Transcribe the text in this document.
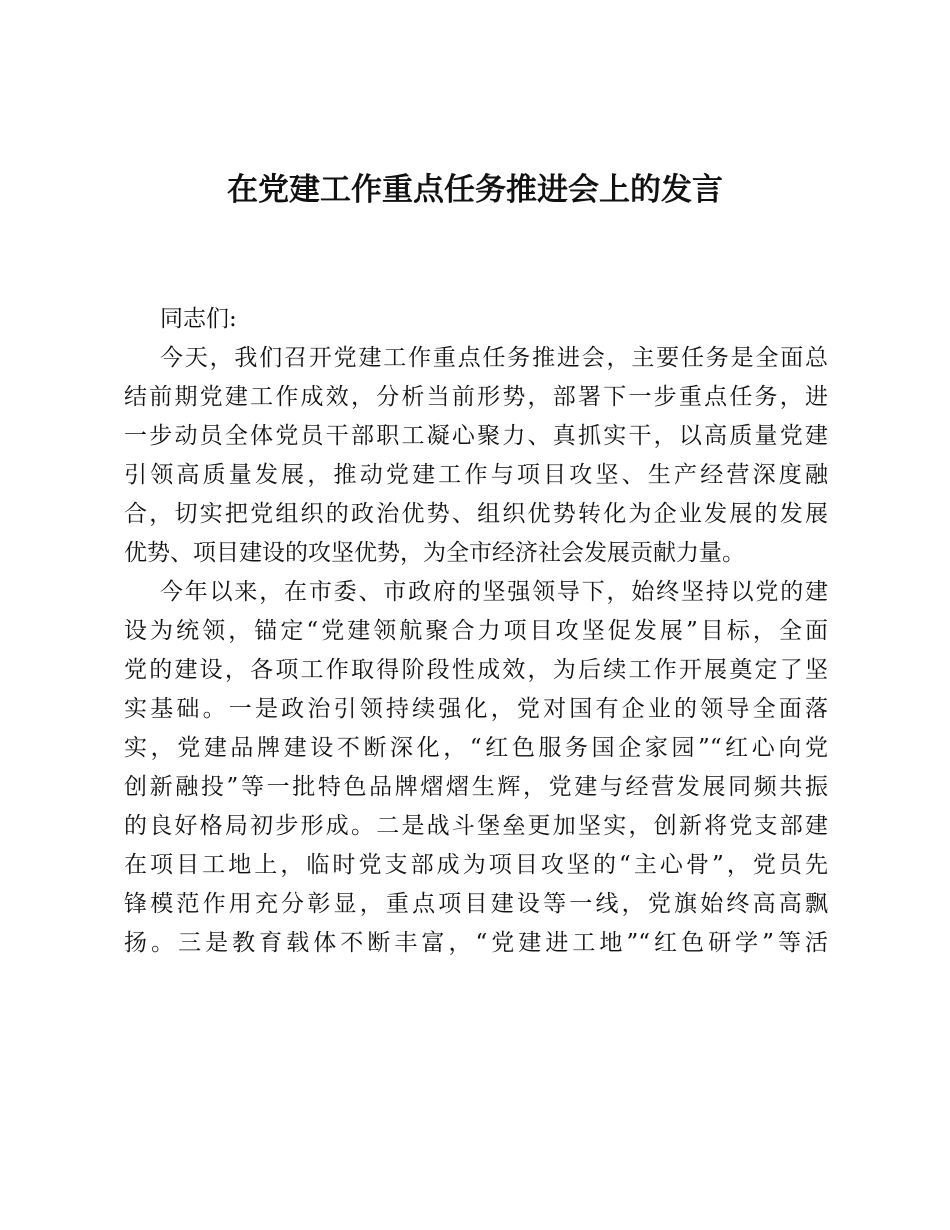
在党建工作重点任务推进会上的发言
同志们:
今天，我们召开党建工作重点任务推进会，主要任务是全面总
结前期党建工作成效，分析当前形势，部署下一步重点任务，进
一步动员全体党员干部职工凝心聚力、真抓实干，以高质量党建
引领高质量发展，推动党建工作与项目攻坚、生产经营深度融
合，切实把党组织的政治优势、组织优势转化为企业发展的发展
优势、项目建设的攻坚优势，为全市经济社会发展贡献力量。
今年以来，在市委、市政府的坚强领导下，始终坚持以党的建
设为统领，锚定“党建领航聚合力项目攻坚促发展”目标，全面
党的建设，各项工作取得阶段性成效，为后续工作开展奠定了坚
实基础。一是政治引领持续强化，党对国有企业的领导全面落
实，党建品牌建设不断深化，“红色服务国企家园”“红心向党
创新融投”等一批特色品牌熠熠生辉，党建与经营发展同频共振
的良好格局初步形成。二是战斗堡垒更加坚实，创新将党支部建
在项目工地上，临时党支部成为项目攻坚的“主心骨”，党员先
锋模范作用充分彰显，重点项目建设等一线，党旗始终高高飘
扬。三是教育载体不断丰富，“党建进工地”“红色研学”等活
